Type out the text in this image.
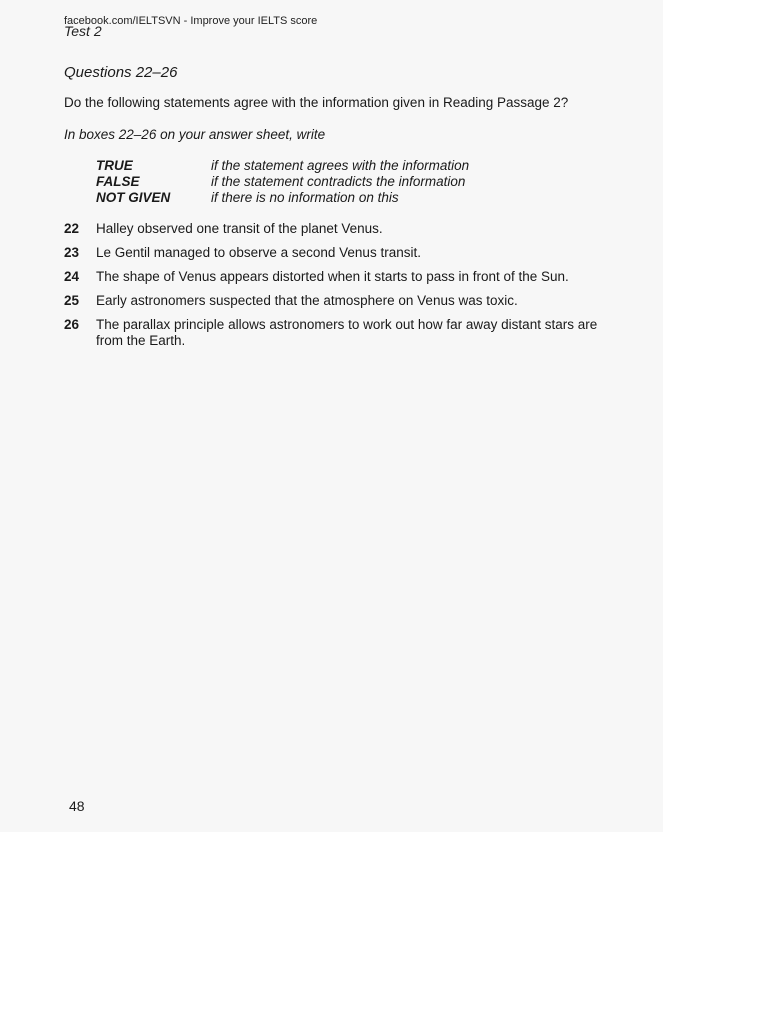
facebook.com/IELTSVN - Improve your IELTS score
Test 2
Questions 22–26
Do the following statements agree with the information given in Reading Passage 2?
In boxes 22–26 on your answer sheet, write
TRUE	if the statement agrees with the information
FALSE	if the statement contradicts the information
NOT GIVEN	if there is no information on this
22 Halley observed one transit of the planet Venus.
23 Le Gentil managed to observe a second Venus transit.
24 The shape of Venus appears distorted when it starts to pass in front of the Sun.
25 Early astronomers suspected that the atmosphere on Venus was toxic.
26 The parallax principle allows astronomers to work out how far away distant stars are from the Earth.
48
